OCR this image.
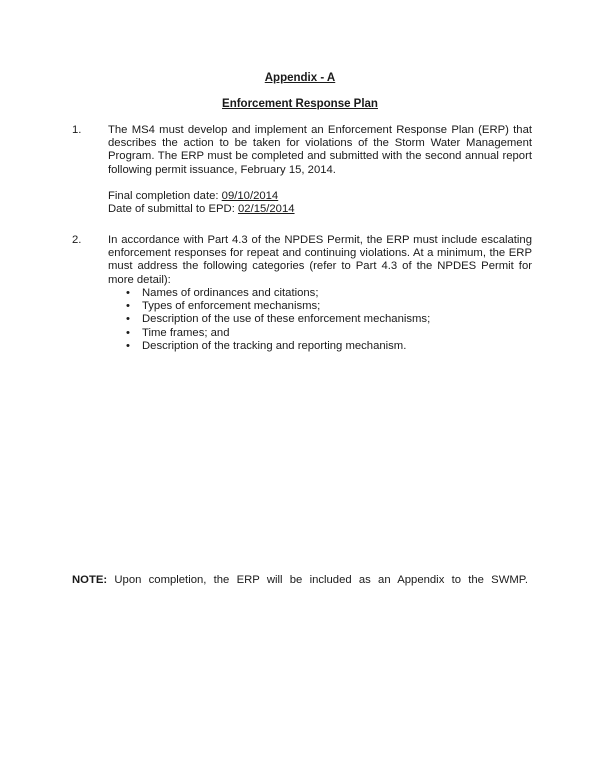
Appendix - A
Enforcement Response Plan
1. The MS4 must develop and implement an Enforcement Response Plan (ERP) that describes the action to be taken for violations of the Storm Water Management Program. The ERP must be completed and submitted with the second annual report following permit issuance, February 15, 2014.
Final completion date: 09/10/2014
Date of submittal to EPD: 02/15/2014
2. In accordance with Part 4.3 of the NPDES Permit, the ERP must include escalating enforcement responses for repeat and continuing violations. At a minimum, the ERP must address the following categories (refer to Part 4.3 of the NPDES Permit for more detail):
• Names of ordinances and citations;
• Types of enforcement mechanisms;
• Description of the use of these enforcement mechanisms;
• Time frames; and
• Description of the tracking and reporting mechanism.
NOTE: Upon completion, the ERP will be included as an Appendix to the SWMP.
